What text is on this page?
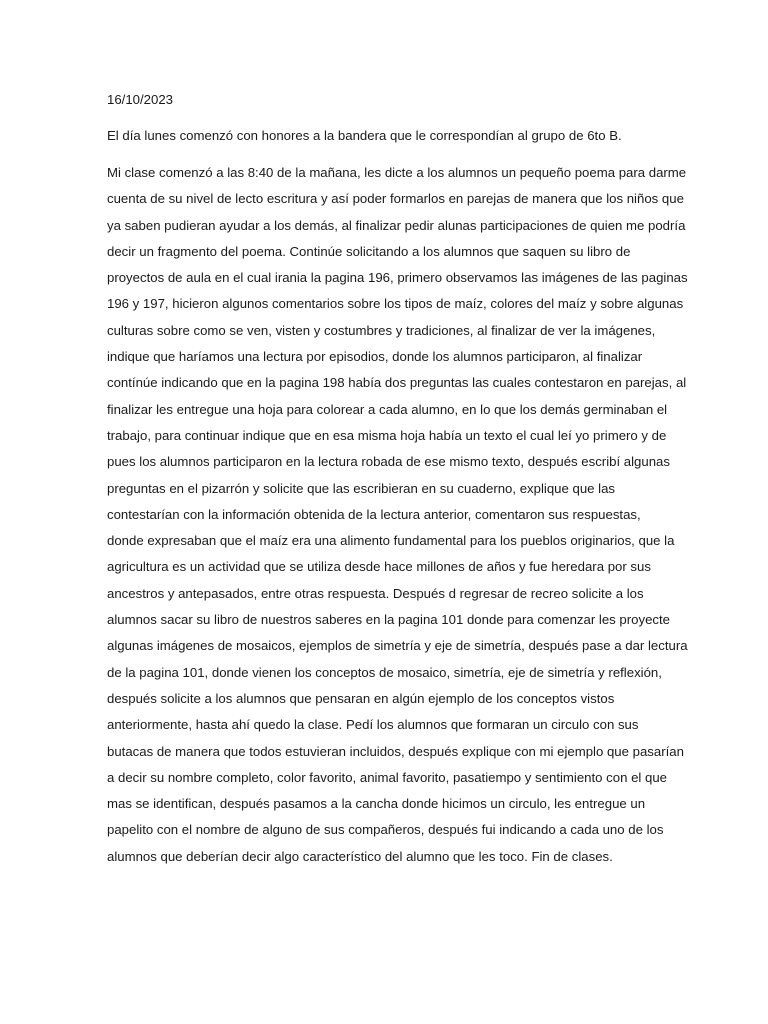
16/10/2023

El día lunes comenzó con honores a la bandera que le correspondían al grupo de 6to B.

Mi clase comenzó a las 8:40 de la mañana, les dicte a los alumnos un pequeño poema para darme
cuenta de su nivel de lecto escritura y así poder formarlos en parejas de manera que los niños que
ya saben pudieran ayudar a los demás, al finalizar pedir alunas participaciones de quien me podría
decir un fragmento del poema. Continúe solicitando a los alumnos que saquen su libro de
proyectos de aula en el cual irania la pagina 196, primero observamos las imágenes de las paginas
196 y 197, hicieron algunos comentarios sobre los tipos de maíz, colores del maíz y sobre algunas
culturas sobre como se ven, visten y costumbres y tradiciones, al finalizar de ver la imágenes,
indique que haríamos una lectura por episodios, donde los alumnos participaron, al finalizar
contínúe indicando que en la pagina 198 había dos preguntas las cuales contestaron en parejas, al
finalizar les entregue una hoja para colorear a cada alumno, en lo que los demás germinaban el
trabajo, para continuar indique que en esa misma hoja había un texto el cual leí yo primero y de
pues los alumnos participaron en la lectura robada de ese mismo texto, después escribí algunas
preguntas en el pizarrón y solicite que las escribieran en su cuaderno, explique que las
contestarían con la información obtenida de la lectura anterior, comentaron sus respuestas,
donde expresaban que el maíz era una alimento fundamental para los pueblos originarios, que la
agricultura es un actividad que se utiliza desde hace millones de años y fue heredara por sus
ancestros y antepasados, entre otras respuesta. Después d regresar de recreo solicite a los
alumnos sacar su libro de nuestros saberes en la pagina 101 donde para comenzar les proyecte
algunas imágenes de mosaicos, ejemplos de simetría y eje de simetría, después pase a dar lectura
de la pagina 101, donde vienen los conceptos de mosaico, simetría, eje de simetría y reflexión,
después solicite a los alumnos que pensaran en algún ejemplo de los conceptos vistos
anteriormente, hasta ahí quedo la clase. Pedí los alumnos que formaran un circulo con sus
butacas de manera que todos estuvieran incluidos, después explique con mi ejemplo que pasarían
a decir su nombre completo, color favorito, animal favorito, pasatiempo y sentimiento con el que
mas se identifican, después pasamos a la cancha donde hicimos un circulo, les entregue un
papelito con el nombre de alguno de sus compañeros, después fui indicando a cada uno de los
alumnos que deberían decir algo característico del alumno que les toco. Fin de clases.
